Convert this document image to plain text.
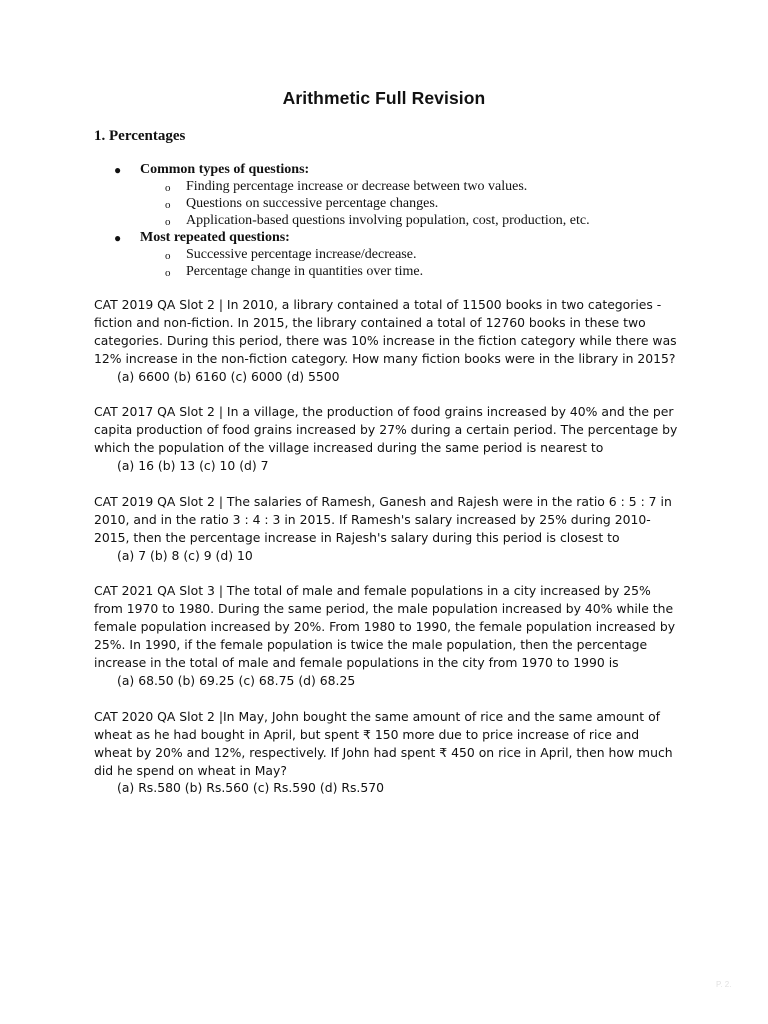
Arithmetic Full Revision
1. Percentages
● Common types of questions:
o Finding percentage increase or decrease between two values.
o Questions on successive percentage changes.
o Application-based questions involving population, cost, production, etc.
● Most repeated questions:
o Successive percentage increase/decrease.
o Percentage change in quantities over time.

CAT 2019 QA Slot 2 | In 2010, a library contained a total of 11500 books in two categories - fiction and non-fiction. In 2015, the library contained a total of 12760 books in these two categories. During this period, there was 10% increase in the fiction category while there was 12% increase in the non-fiction category. How many fiction books were in the library in 2015?

(a) 6600 (b) 6160 (c) 6000 (d) 5500

CAT 2017 QA Slot 2 | In a village, the production of food grains increased by 40% and the per capita production of food grains increased by 27% during a certain period. The percentage by which the population of the village increased during the same period is nearest to

(a) 16 (b) 13 (c) 10 (d) 7

CAT 2019 QA Slot 2 | The salaries of Ramesh, Ganesh and Rajesh were in the ratio 6 : 5 : 7 in 2010, and in the ratio 3 : 4 : 3 in 2015. If Ramesh's salary increased by 25% during 2010-2015, then the percentage increase in Rajesh's salary during this period is closest to

(a) 7 (b) 8 (c) 9 (d) 10

CAT 2021 QA Slot 3 | The total of male and female populations in a city increased by 25% from 1970 to 1980. During the same period, the male population increased by 40% while the female population increased by 20%. From 1980 to 1990, the female population increased by 25%. In 1990, if the female population is twice the male population, then the percentage increase in the total of male and female populations in the city from 1970 to 1990 is

(a) 68.50 (b) 69.25 (c) 68.75 (d) 68.25

CAT 2020 QA Slot 2 |In May, John bought the same amount of rice and the same amount of wheat as he had bought in April, but spent ₹ 150 more due to price increase of rice and wheat by 20% and 12%, respectively. If John had spent ₹ 450 on rice in April, then how much did he spend on wheat in May?

(a) Rs.580 (b) Rs.560 (c) Rs.590 (d) Rs.570

P. 2.
